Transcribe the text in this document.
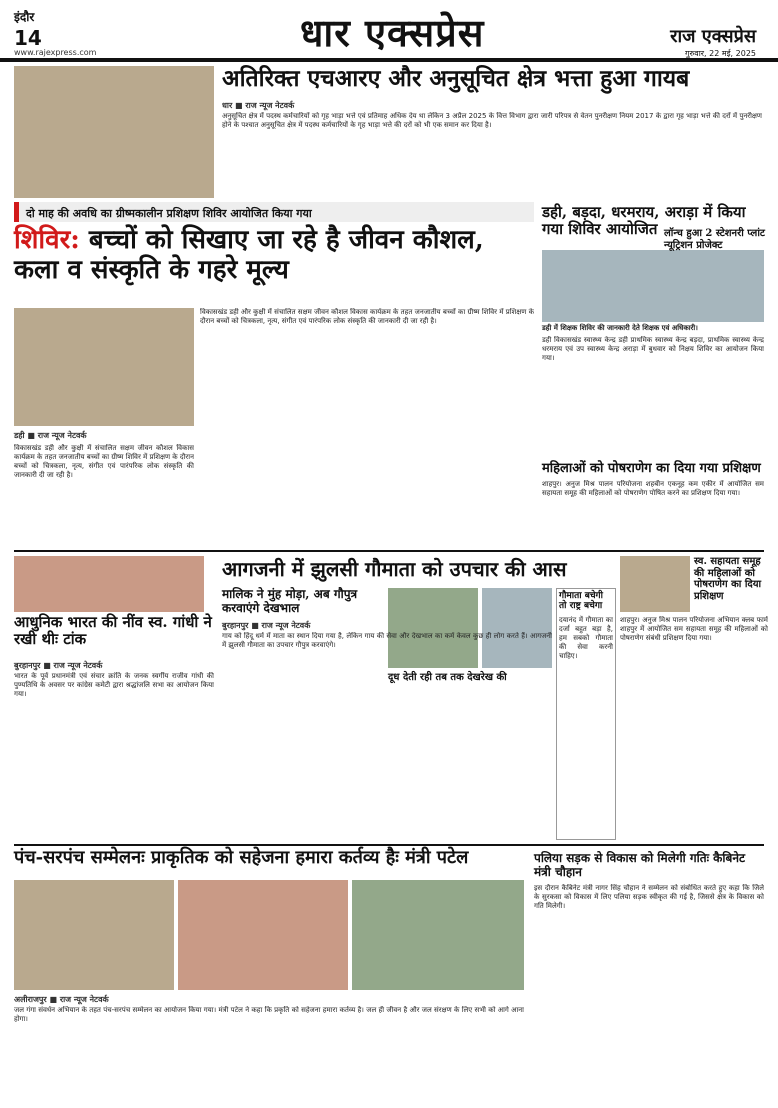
इंदौर
14
www.rajexpress.com	धार एक्सप्रेस	राज एक्सप्रेस
गुरुवार, 22 मई, 2025
अतिरिक्त एचआरए और अनुसूचित क्षेत्र भत्ता हुआ गायब
धार ■ राज न्यूज नेटवर्क
अनुसूचित क्षेत्र में पदस्थ कर्मचारियों को गृह भाड़ा भत्ते एवं प्रतिमाह अधिक देय था लेकिन 3 अप्रैल 2025 के वित्त विभाग द्वारा जारी परिपत्र से वेतन पुनरीक्षण नियम 2017 के द्वारा गृह भाड़ा भत्ते की दरों में पुनरीक्षण होने के पश्चात अनुसूचित क्षेत्र में पदस्थ कर्मचारियों के गृह भाड़ा भत्ते की दरों को भी एक समान कर दिया है।
दो माह की अवधि का ग्रीष्मकालीन प्रशिक्षण शिविर आयोजित किया गया
शिविर: बच्चों को सिखाए जा रहे है जीवन कौशल, कला व संस्कृति के गहरे मूल्य
डही ■ राज न्यूज नेटवर्क
विकासखंड डही और कुक्षी में संचालित सक्षम जीवन कौशल विकास कार्यक्रम के तहत जनजातीय बच्चों का ग्रीष्म शिविर में प्रशिक्षण के दौरान बच्चों को चित्रकला, नृत्य, संगीत एवं पारंपरिक लोक संस्कृति की जानकारी दी जा रही है।
विकासखंड डही और कुक्षी में संचालित सक्षम जीवन कौशल विकास कार्यक्रम के तहत जनजातीय बच्चों का ग्रीष्म शिविर में प्रशिक्षण के दौरान बच्चों को चित्रकला, नृत्य, संगीत एवं पारंपरिक लोक संस्कृति की जानकारी दी जा रही है।
डही, बड़दा, धरमराय, अराड़ा में किया गया शिविर आयोजित
डही में शिक्षक शिविर की जानकारी देते शिक्षक एवं अधिकारी।
डही विकासखंड स्वास्थ्य केन्द्र डही प्राथमिक स्वास्थ्य केन्द्र बड़दा, प्राथमिक स्वास्थ्य केन्द्र धरमराय एवं उप स्वास्थ्य केन्द्र अराड़ा में बुधवार को निक्षय शिविर का आयोजन किया गया।
लॉन्च हुआ 2 स्टेशनरी प्लांट न्यूट्रिशन प्रोजेक्ट
महिलाओं को पोषराणेग का दिया गया प्रशिक्षण
शाहपुर। अनुज मिश्र पालन परियोजना शहबीन एकनूह कम एकीर में आयोजित सम सहायता समूह की महिलाओं को पोषराणेग पोषित करने का प्रशिक्षण दिया गया।
आधुनिक भारत की नींव स्व. गांधी ने रखी थीः टांक
बुरहानपुर ■ राज न्यूज नेटवर्क
भारत के पूर्व प्रधानमंत्री एवं संचार क्रांति के जनक स्वर्गीय राजीव गांधी की पुण्यतिथि के अवसर पर कांग्रेस कमेटी द्वारा श्रद्धांजलि सभा का आयोजन किया गया।
आगजनी में झुलसी गौमाता को उपचार की आस
मालिक ने मुंह मोड़ा, अब गौपुत्र करवाएंगे देखभाल
बुरहानपुर ■ राज न्यूज नेटवर्क
गाय को हिंदू धर्म में माता का स्थान दिया गया है, लेकिन गाय की सेवा और देखभाल का कर्म केवल कुछ ही लोग करते हैं। आगजनी में झुलसी गौमाता का उपचार गौपुत्र करवाएंगे।
गौमाता बचेगी तो राष्ट्र बचेगा
दयानंद में गौमाता का दर्जा बहुत बड़ा है, हम सबको गौमाता की सेवा करनी चाहिए।
दूध देती रही तब तक देखरेख की
स्व. सहायता समूह की महिलाओं को पोषराणेग का दिया प्रशिक्षण
शाहपुर। अनुज मिश्र पालन परियोजना अभियान क्लब फार्म शाहपुर में आयोजित सम सहायता समूह की महिलाओं को पोषराणेग संबंधी प्रशिक्षण दिया गया।
पंच-सरपंच सम्मेलनः प्राकृतिक को सहेजना हमारा कर्तव्य हैः मंत्री पटेल
अलीराजपुर ■ राज न्यूज नेटवर्क
जल गंगा संवर्धन अभियान के तहत पंच-सरपंच सम्मेलन का आयोजन किया गया। मंत्री पटेल ने कहा कि प्रकृति को सहेजना हमारा कर्तव्य है। जल ही जीवन है और जल संरक्षण के लिए सभी को आगे आना होगा।
पलिया सड़क से विकास को मिलेगी गतिः कैबिनेट मंत्री चौहान
इस दौरान कैबिनेट मंत्री नागर सिंह चौहान ने सम्मेलन को संबोधित करते हुए कहा कि जिले के सुरकसा को विकास में लिए पलिया सड़क स्वीकृत की गई है, जिससे क्षेत्र के विकास को गति मिलेगी।
